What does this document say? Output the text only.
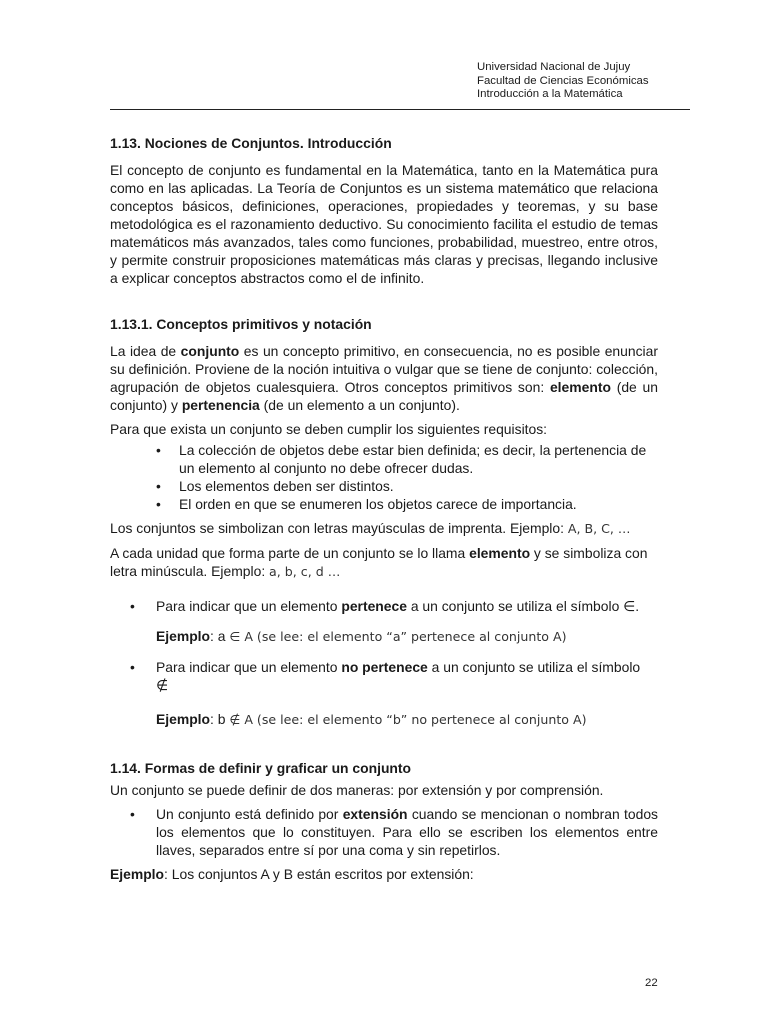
Universidad Nacional de Jujuy
Facultad de Ciencias Económicas
Introducción a la Matemática
1.13. Nociones de Conjuntos. Introducción

El concepto de conjunto es fundamental en la Matemática, tanto en la Matemática pura como en las aplicadas. La Teoría de Conjuntos es un sistema matemático que relaciona conceptos básicos, definiciones, operaciones, propiedades y teoremas, y su base metodológica es el razonamiento deductivo. Su conocimiento facilita el estudio de temas matemáticos más avanzados, tales como funciones, probabilidad, muestreo, entre otros, y permite construir proposiciones matemáticas más claras y precisas, llegando inclusive a explicar conceptos abstractos como el de infinito.

1.13.1. Conceptos primitivos y notación

La idea de conjunto es un concepto primitivo, en consecuencia, no es posible enunciar su definición. Proviene de la noción intuitiva o vulgar que se tiene de conjunto: colección, agrupación de objetos cualesquiera. Otros conceptos primitivos son: elemento (de un conjunto) y pertenencia (de un elemento a un conjunto).

Para que exista un conjunto se deben cumplir los siguientes requisitos:

• La colección de objetos debe estar bien definida; es decir, la pertenencia de un elemento al conjunto no debe ofrecer dudas.
• Los elementos deben ser distintos.
• El orden en que se enumeren los objetos carece de importancia.

Los conjuntos se simbolizan con letras mayúsculas de imprenta. Ejemplo: A, B, C, …

A cada unidad que forma parte de un conjunto se lo llama elemento y se simboliza con letra minúscula. Ejemplo: a, b, c, d …

• Para indicar que un elemento pertenece a un conjunto se utiliza el símbolo ∈.

Ejemplo: a ∈ A (se lee: el elemento “a” pertenece al conjunto A)

• Para indicar que un elemento no pertenece a un conjunto se utiliza el símbolo
∉

Ejemplo: b ∉ A (se lee: el elemento “b” no pertenece al conjunto A)

1.14. Formas de definir y graficar un conjunto

Un conjunto se puede definir de dos maneras: por extensión y por comprensión.

• Un conjunto está definido por extensión cuando se mencionan o nombran todos los elementos que lo constituyen. Para ello se escriben los elementos entre llaves, separados entre sí por una coma y sin repetirlos.

Ejemplo: Los conjuntos A y B están escritos por extensión:

22
